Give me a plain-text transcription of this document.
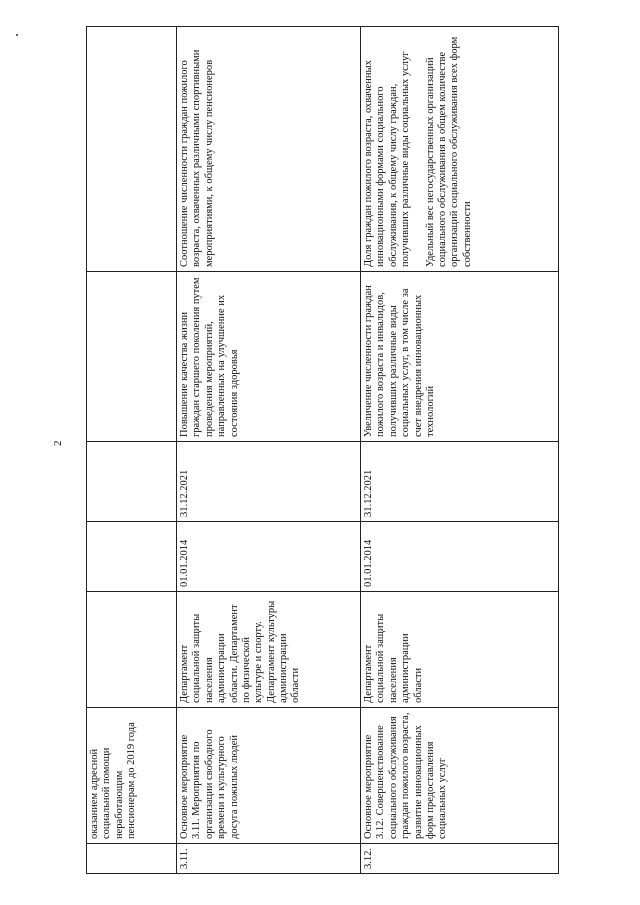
2
	оказанием адресной социальной помощи неработающим пенсионерам до 2019 года					
3.11.	Основное мероприятие 3.11. Мероприятия по организации свободного времени и культурного досуга пожилых людей	Департамент социальной защиты населения администрации области. Департамент по физической культуре и спорту. Департамент культуры администрации области	01.01.2014	31.12.2021	Повышение качества жизни граждан старшего поколения путем проведения мероприятий, направленных на улучшение их состояния здоровья	Соотношение численности граждан пожилого возраста, охваченных различными спортивными мероприятиями, к общему числу пенсионеров
3.12.	Основное мероприятие 3.12. Совершенствование социального обслуживания граждан пожилого возраста, развитие инновационных форм предоставления социальных услуг	Департамент социальной защиты населения администрации области	01.01.2014	31.12.2021	Увеличение численности граждан пожилого возраста и инвалидов, получивших различные виды социальных услуг, в том числе за счет внедрения инновационных технологий	Доля граждан пожилого возраста, охваченных инновационными формами социального обслуживания, к общему числу граждан, получивших различные виды социальных услуг Удельный вес негосударственных организаций социального обслуживания в общем количестве организаций социального обслуживания всех форм собственности
